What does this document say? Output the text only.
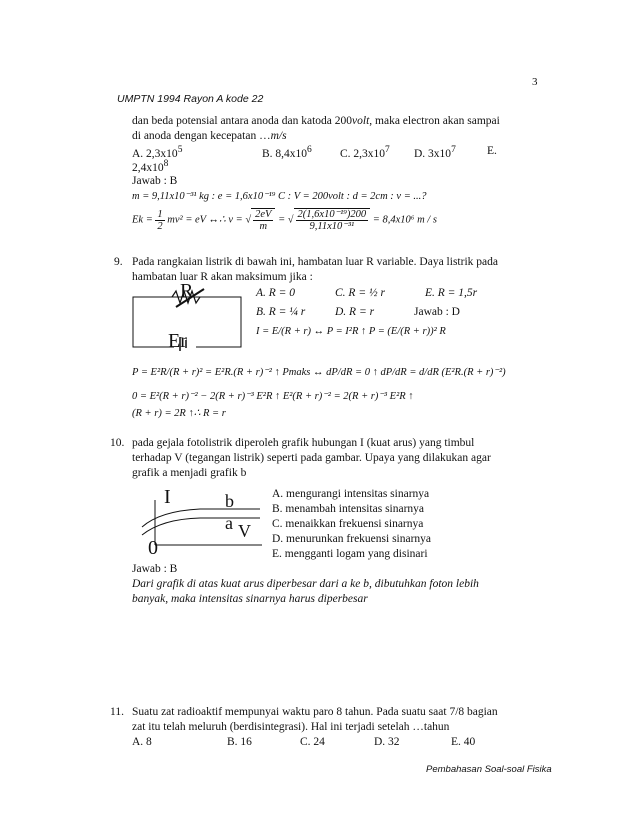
3
UMPTN 1994 Rayon A kode 22
dan beda potensial antara anoda dan katoda 200volt, maka electron akan sampai
di anoda dengan kecepatan …m/s
A. $2,3x10^5$	B. $8,4x10^6$ C. $2,3x10^7$ D. $3x10^7$	E.
$2,4x10^8$
Jawab : B
m = 9,11x10⁻³¹ kg : e = 1,6x10⁻¹⁹ C : V = 200volt : d = 2cm : v = ...?
$Ek = \frac{1}{2} mv^2$ = eV ↔∴ v = √ $\frac{2eV}{m}$ = √ $\frac{\text{2(1,6x10⁻¹⁹)200}}{\text{9,11x10⁻³¹}} = 8,4x10^6$ m / s
9. Pada rangkaian listrik di bawah ini, hambatan luar R variable. Daya listrik pada
hambatan luar R akan maksimum jika :
R
Er
A. R = 0	C. R = ½ r	E. R = 1,5r
B. R = ¼ r	D. R = r	Jawab : D
I = E/(R + r) ↔ P = I²R ↑ P = (E/(R + r))² R
P = E²R/(R + r)² = E²R.(R + r)⁻² ↑ Pmaks ↔ dP/dR = 0 ↑ dP/dR = d/dR (E²R.(R + r)⁻²)
0 = E²(R + r)⁻² − 2(R + r)⁻³ E²R ↑ E²(R + r)⁻² = 2(R + r)⁻³ E²R ↑
(R + r) = 2R ↑∴ R = r
10. pada gejala fotolistrik diperoleh grafik hubungan I (kuat arus) yang timbul
terhadap V (tegangan listrik) seperti pada gambar. Upaya yang dilakukan agar
grafik a menjadi grafik b
I	b
a V
0
A. mengurangi intensitas sinarnya
B. menambah intensitas sinarnya
C. menaikkan frekuensi sinarnya
D. menurunkan frekuensi sinarnya
E. mengganti logam yang disinari
Jawab : B
Dari grafik di atas kuat arus diperbesar dari a ke b, dibutuhkan foton lebih
banyak, maka intensitas sinarnya harus diperbesar
11. Suatu zat radioaktif mempunyai waktu paro 8 tahun. Pada suatu saat 7/8 bagian
zat itu telah meluruh (berdisintegrasi). Hal ini terjadi setelah …tahun
A. 8	B. 16	C. 24	D. 32	E. 40
Pembahasan Soal-soal Fisika
